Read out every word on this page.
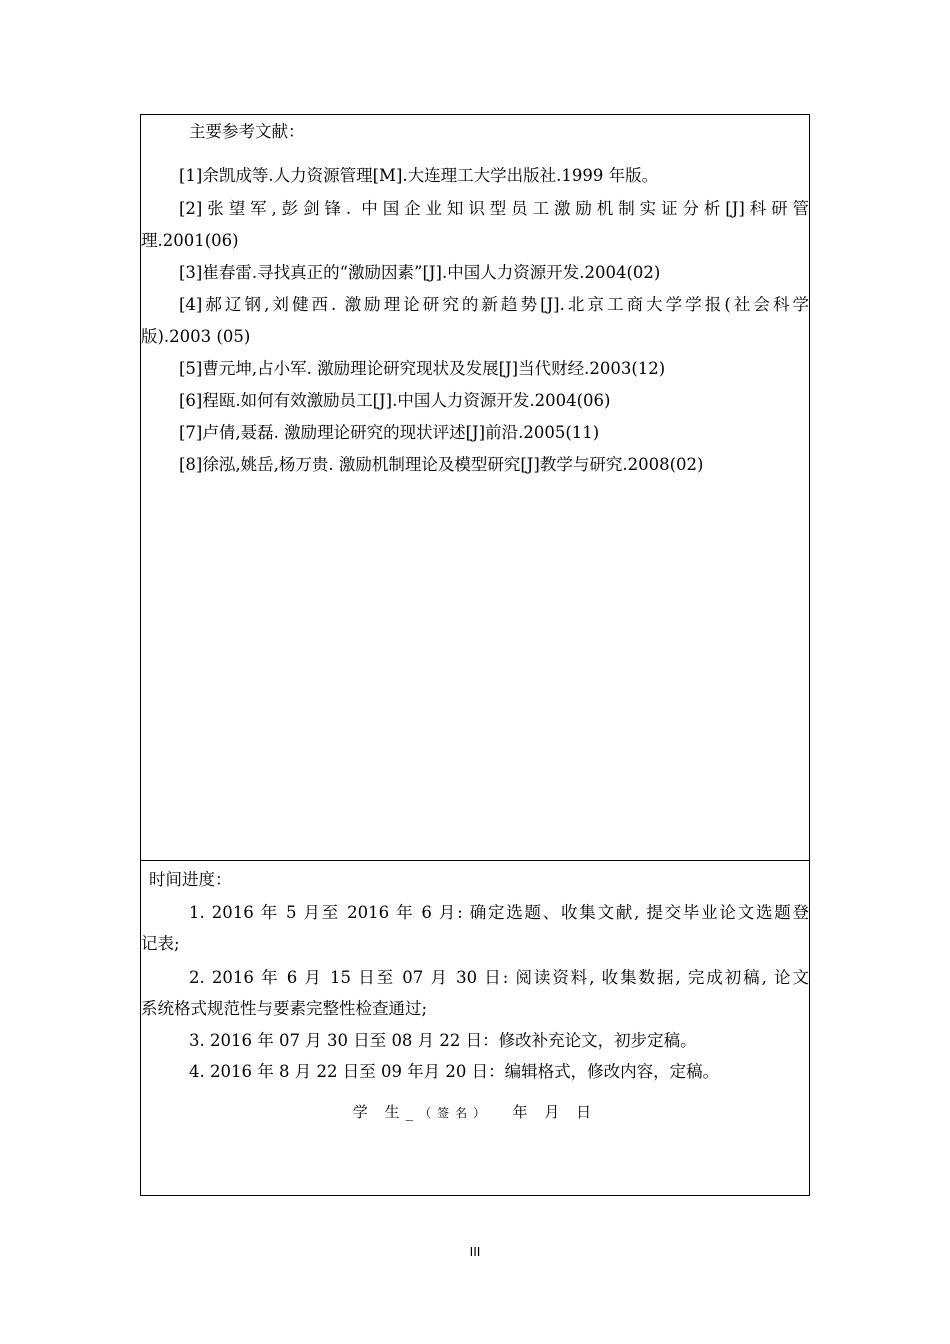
主要参考文献：
[1]余凯成等.人力资源管理[M].大连理工大学出版社.1999 年版。
[2]张望军,彭剑锋. 中国企业知识型员工激励机制实证分析[J]科研管
理.2001(06)
[3]崔春雷.寻找真正的“激励因素”[J].中国人力资源开发.2004(02)
[4]郝辽钢,刘健西. 激励理论研究的新趋势[J].北京工商大学学报(社会科学
版).2003 (05)
[5]曹元坤,占小军. 激励理论研究现状及发展[J]当代财经.2003(12)
[6]程瓯.如何有效激励员工[J].中国人力资源开发.2004(06)
[7]卢倩,聂磊. 激励理论研究的现状评述[J]前沿.2005(11)
[8]徐泓,姚岳,杨万贵. 激励机制理论及模型研究[J]教学与研究.2008(02)
时间进度：
1. 2016 年 5 月至 2016 年 6 月: 确定选题、收集文献, 提交毕业论文选题登
记表;
2. 2016 年 6 月 15 日至 07 月 30 日: 阅读资料, 收集数据, 完成初稿, 论文
系统格式规范性与要素完整性检查通过;
3. 2016 年 07 月 30 日至 08 月 22 日：修改补充论文，初步定稿。
4. 2016 年 8 月 22 日至 09 年月 20 日：编辑格式，修改内容，定稿。
学 生_（签名） 年 月 日
III
